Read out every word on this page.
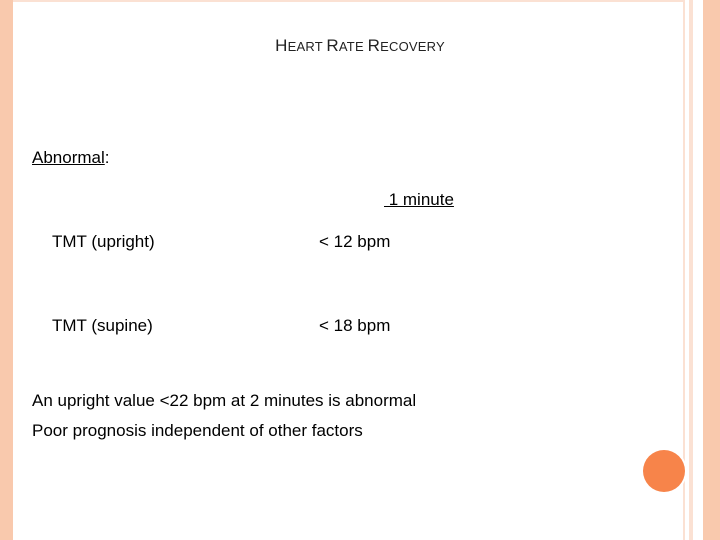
HEART RATE RECOVERY
Abnormal:
1 minute
TMT (upright)	< 12 bpm
TMT (supine)	< 18 bpm
An upright value <22 bpm at 2 minutes is abnormal
Poor prognosis independent of other factors
